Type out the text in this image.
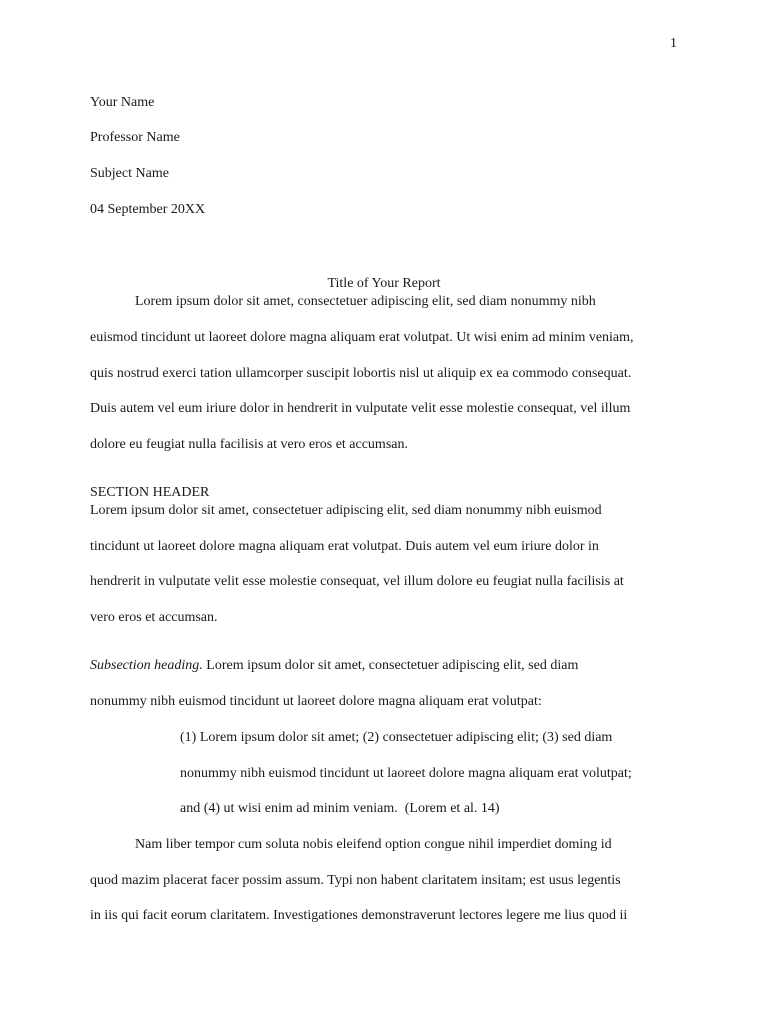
1
Your Name
Professor Name
Subject Name
04 September 20XX
Title of Your Report
Lorem ipsum dolor sit amet, consectetuer adipiscing elit, sed diam nonummy nibh
euismod tincidunt ut laoreet dolore magna aliquam erat volutpat. Ut wisi enim ad minim veniam,
quis nostrud exerci tation ullamcorper suscipit lobortis nisl ut aliquip ex ea commodo consequat.
Duis autem vel eum iriure dolor in hendrerit in vulputate velit esse molestie consequat, vel illum
dolore eu feugiat nulla facilisis at vero eros et accumsan.
SECTION HEADER
Lorem ipsum dolor sit amet, consectetuer adipiscing elit, sed diam nonummy nibh euismod
tincidunt ut laoreet dolore magna aliquam erat volutpat. Duis autem vel eum iriure dolor in
hendrerit in vulputate velit esse molestie consequat, vel illum dolore eu feugiat nulla facilisis at
vero eros et accumsan.
Subsection heading. Lorem ipsum dolor sit amet, consectetuer adipiscing elit, sed diam
nonummy nibh euismod tincidunt ut laoreet dolore magna aliquam erat volutpat:
(1) Lorem ipsum dolor sit amet; (2) consectetuer adipiscing elit; (3) sed diam
nonummy nibh euismod tincidunt ut laoreet dolore magna aliquam erat volutpat;
and (4) ut wisi enim ad minim veniam.  (Lorem et al. 14)
Nam liber tempor cum soluta nobis eleifend option congue nihil imperdiet doming id
quod mazim placerat facer possim assum. Typi non habent claritatem insitam; est usus legentis
in iis qui facit eorum claritatem. Investigationes demonstraverunt lectores legere me lius quod ii
